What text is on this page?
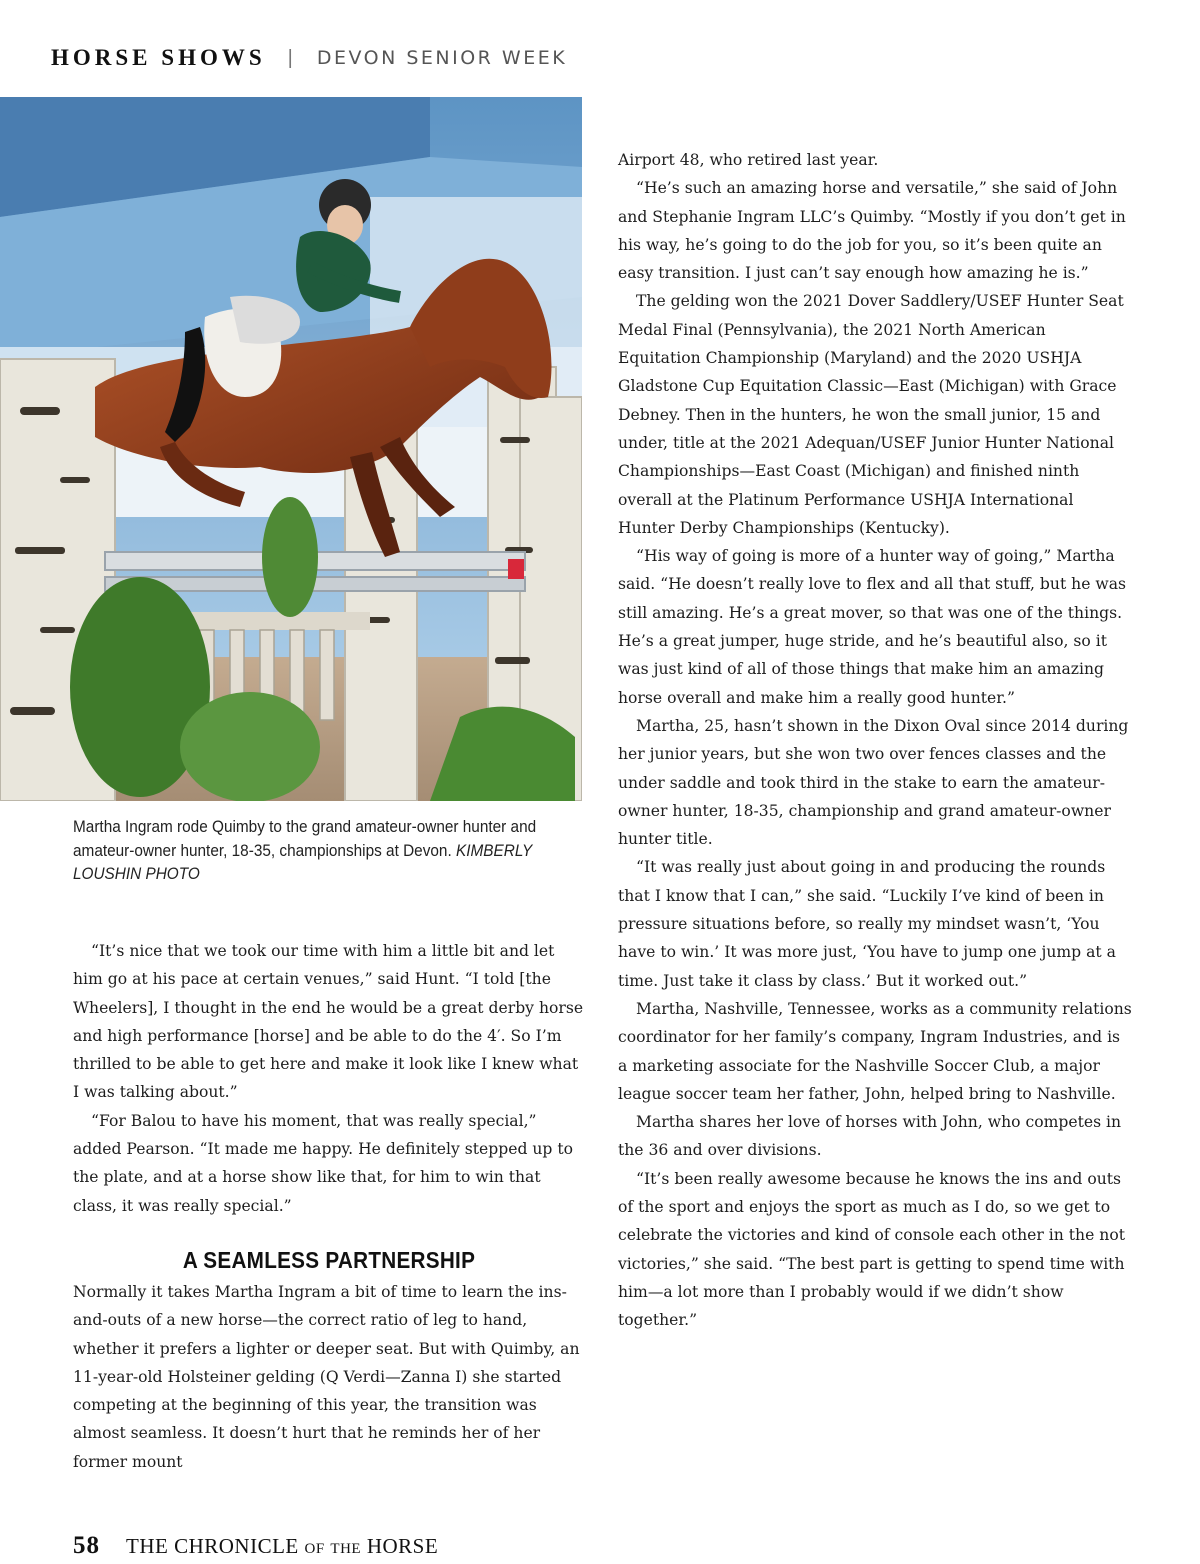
HORSE SHOWS | DEVON SENIOR WEEK
Martha Ingram rode Quimby to the grand amateur-owner hunter and amateur-owner hunter, 18-35, championships at Devon. KIMBERLY LOUSHIN PHOTO

“It’s nice that we took our time with him a little bit and let him go at his pace at certain venues,” said Hunt. “I told [the Wheelers], I thought in the end he would be a great derby horse and high performance [horse] and be able to do the 4′. So I’m thrilled to be able to get here and make it look like I knew what I was talking about.”

“For Balou to have his moment, that was really special,” added Pearson. “It made me happy. He definitely stepped up to the plate, and at a horse show like that, for him to win that class, it was really special.”

A SEAMLESS PARTNERSHIP

Normally it takes Martha Ingram a bit of time to learn the ins-and-outs of a new horse—the correct ratio of leg to hand, whether it prefers a lighter or deeper seat. But with Quimby, an 11-year-old Holsteiner gelding (Q Verdi—Zanna I) she started competing at the beginning of this year, the transition was almost seamless. It doesn’t hurt that he reminds her of her former mount

Airport 48, who retired last year.

“He’s such an amazing horse and versatile,” she said of John and Stephanie Ingram LLC’s Quimby. “Mostly if you don’t get in his way, he’s going to do the job for you, so it’s been quite an easy transition. I just can’t say enough how amazing he is.”

The gelding won the 2021 Dover Saddlery/USEF Hunter Seat Medal Final (Pennsylvania), the 2021 North American Equitation Championship (Maryland) and the 2020 USHJA Gladstone Cup Equitation Classic—East (Michigan) with Grace Debney. Then in the hunters, he won the small junior, 15 and under, title at the 2021 Adequan/USEF Junior Hunter National Championships—East Coast (Michigan) and finished ninth overall at the Platinum Performance USHJA International Hunter Derby Championships (Kentucky).

“His way of going is more of a hunter way of going,” Martha said. “He doesn’t really love to flex and all that stuff, but he was still amazing. He’s a great mover, so that was one of the things. He’s a great jumper, huge stride, and he’s beautiful also, so it was just kind of all of those things that make him an amazing horse overall and make him a really good hunter.”

Martha, 25, hasn’t shown in the Dixon Oval since 2014 during her junior years, but she won two over fences classes and the under saddle and took third in the stake to earn the amateur-owner hunter, 18-35, championship and grand amateur-owner hunter title.

“It was really just about going in and producing the rounds that I know that I can,” she said. “Luckily I’ve kind of been in pressure situations before, so really my mindset wasn’t, ‘You have to win.’ It was more just, ‘You have to jump one jump at a time. Just take it class by class.’ But it worked out.”

Martha, Nashville, Tennessee, works as a community relations coordinator for her family’s company, Ingram Industries, and is a marketing associate for the Nashville Soccer Club, a major league soccer team her father, John, helped bring to Nashville.

Martha shares her love of horses with John, who competes in the 36 and over divisions.

“It’s been really awesome because he knows the ins and outs of the sport and enjoys the sport as much as I do, so we get to celebrate the victories and kind of console each other in the not victories,” she said. “The best part is getting to spend time with him—a lot more than I probably would if we didn’t show together.”

58 THE CHRONICLE of the HORSE
